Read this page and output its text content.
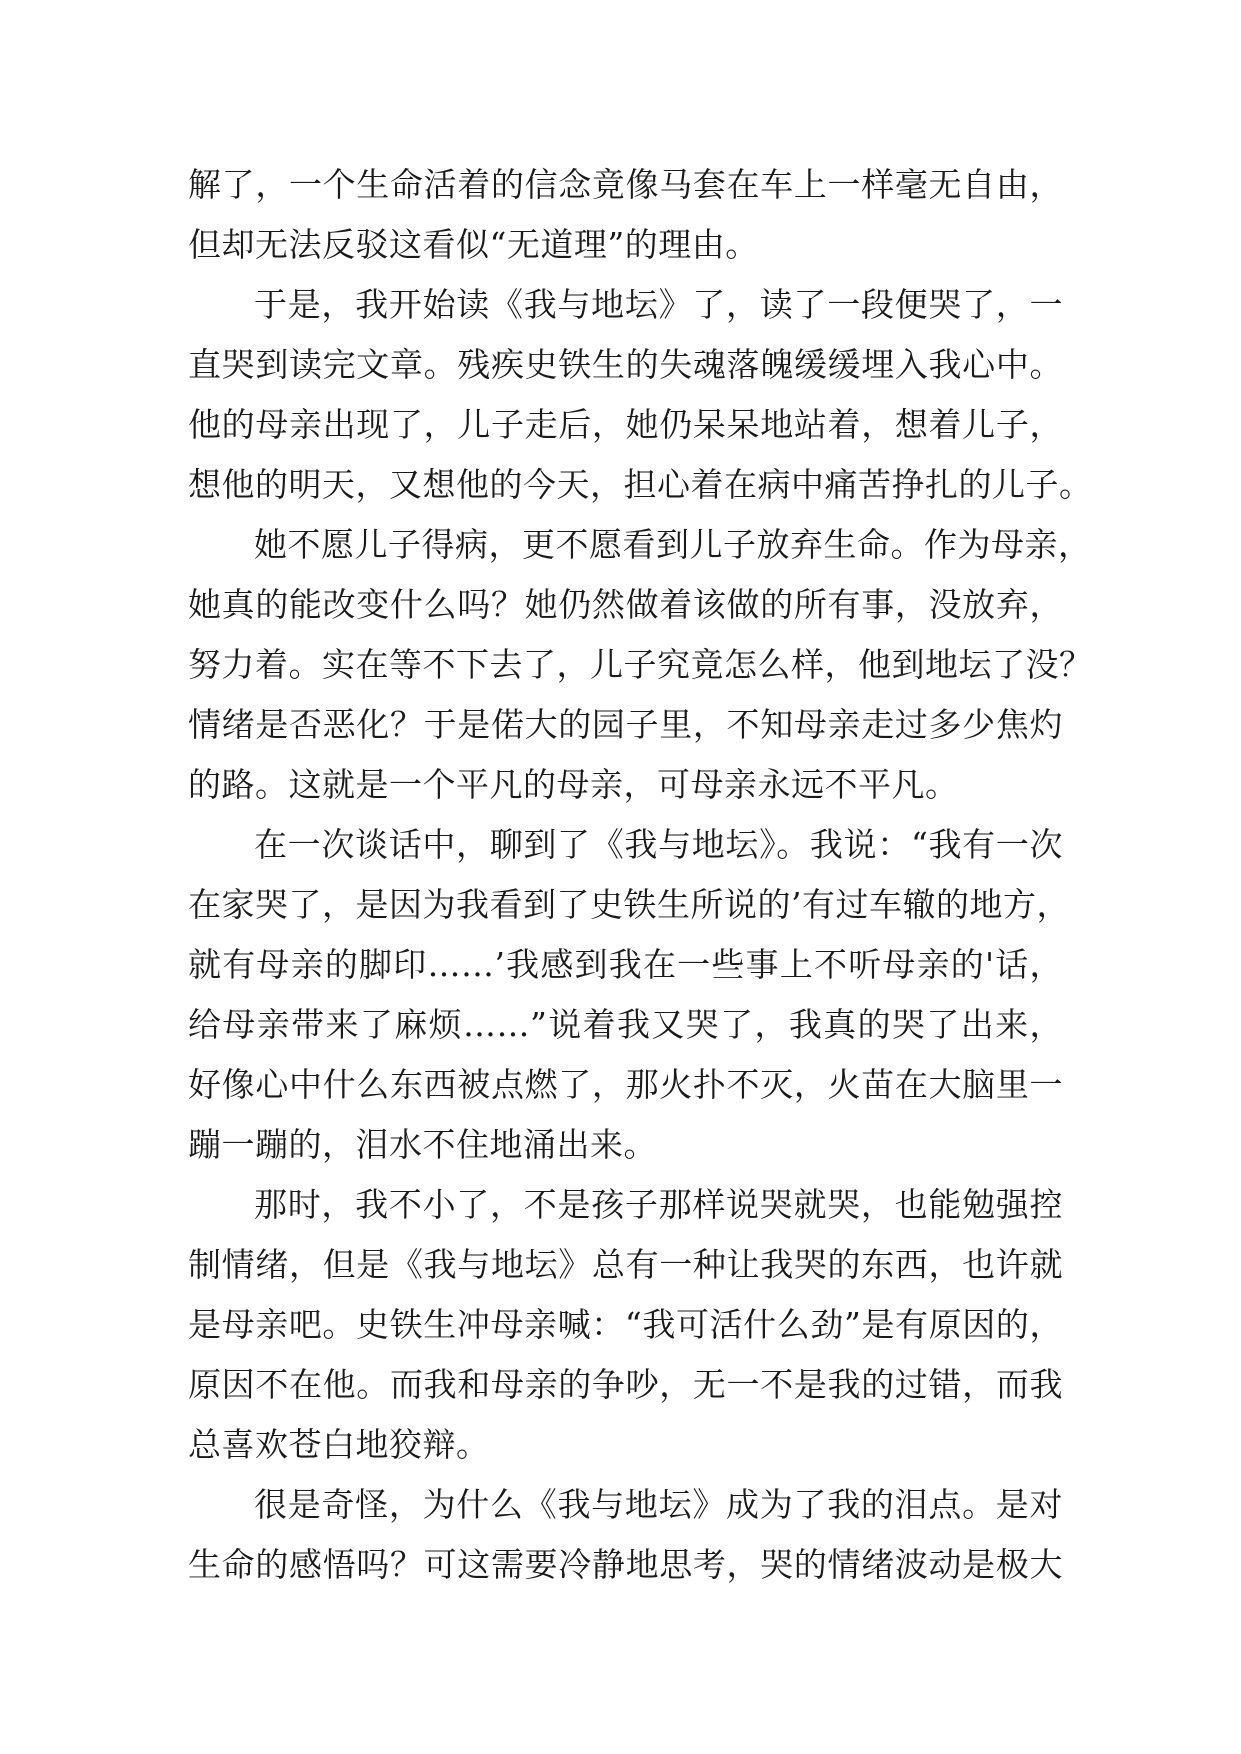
解了，一个生命活着的信念竟像马套在车上一样毫无自由，
但却无法反驳这看似“无道理”的理由。
于是，我开始读《我与地坛》了，读了一段便哭了，一
直哭到读完文章。残疾史铁生的失魂落魄缓缓埋入我心中。
他的母亲出现了，儿子走后，她仍呆呆地站着，想着儿子，
想他的明天，又想他的今天，担心着在病中痛苦挣扎的儿子。
她不愿儿子得病，更不愿看到儿子放弃生命。作为母亲，
她真的能改变什么吗？她仍然做着该做的所有事，没放弃，
努力着。实在等不下去了，儿子究竟怎么样，他到地坛了没？
情绪是否恶化？于是偌大的园子里，不知母亲走过多少焦灼
的路。这就是一个平凡的母亲，可母亲永远不平凡。
在一次谈话中，聊到了《我与地坛》。我说：“我有一次
在家哭了，是因为我看到了史铁生所说的’有过车辙的地方，
就有母亲的脚印……’我感到我在一些事上不听母亲的'话，
给母亲带来了麻烦……”说着我又哭了，我真的哭了出来，
好像心中什么东西被点燃了，那火扑不灭，火苗在大脑里一
蹦一蹦的，泪水不住地涌出来。
那时，我不小了，不是孩子那样说哭就哭，也能勉强控
制情绪，但是《我与地坛》总有一种让我哭的东西，也许就
是母亲吧。史铁生冲母亲喊：“我可活什么劲”是有原因的，
原因不在他。而我和母亲的争吵，无一不是我的过错，而我
总喜欢苍白地狡辩。
很是奇怪，为什么《我与地坛》成为了我的泪点。是对
生命的感悟吗？可这需要冷静地思考，哭的情绪波动是极大
